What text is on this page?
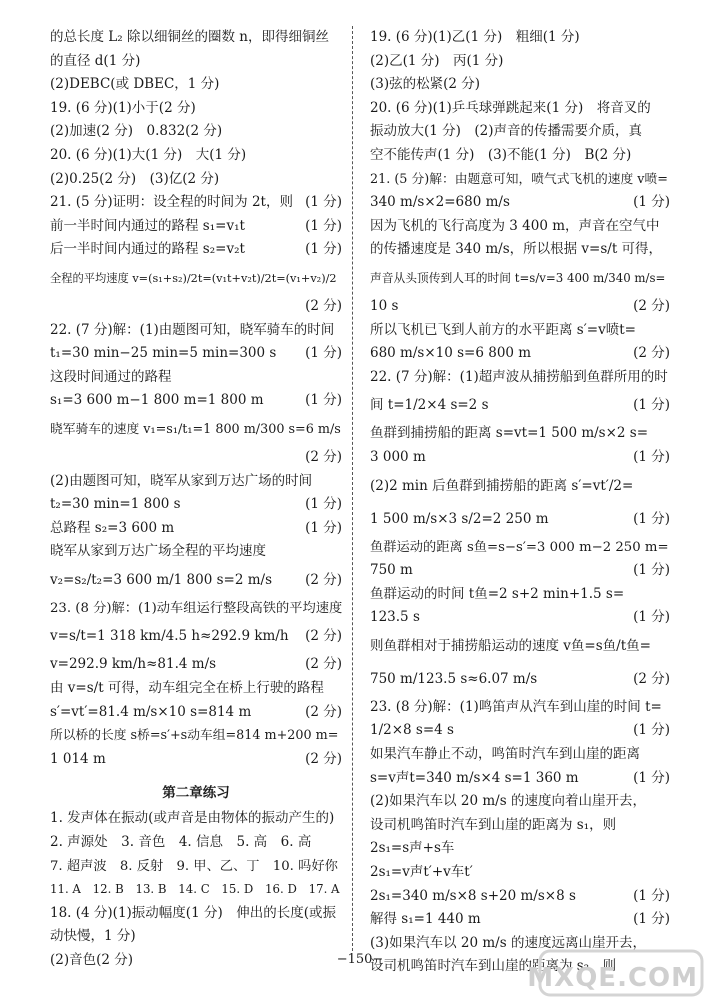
的总长度 L₂ 除以细铜丝的圈数 n，即得细铜丝
的直径 d(1 分)
(2)DEBC(或 DBEC，1 分)
19. (6 分)(1)小于(2 分)
(2)加速(2 分)　0.832(2 分)
20. (6 分)(1)大(1 分)　大(1 分)
(2)0.25(2 分)　(3)亿(2 分)
21. (5 分)证明：设全程的时间为 2t，则 (1 分)
前一半时间内通过的路程 s₁=v₁t	(1 分)
后一半时间内通过的路程 s₂=v₂t	(1 分)
全程的平均速度 v=(s₁+s₂)/2t=(v₁t+v₂t)/2t=(v₁+v₂)/2
(2 分)
22. (7 分)解：(1)由题图可知，晓军骑车的时间
t₁=30 min−25 min=5 min=300 s (1 分)
这段时间通过的路程
s₁=3 600 m−1 800 m=1 800 m	(1 分)
晓军骑车的速度 v₁=s₁/t₁=1 800 m/300 s=6 m/s
(2 分)
(2)由题图可知，晓军从家到万达广场的时间
t₂=30 min=1 800 s	(1 分)
总路程 s₂=3 600 m	(1 分)
晓军从家到万达广场全程的平均速度
v₂=s₂/t₂=3 600 m/1 800 s=2 m/s (2 分)
23. (8 分)解：(1)动车组运行整段高铁的平均速度
v=s/t=1 318 km/4.5 h≈292.9 km/h (2 分)
v=292.9 km/h≈81.4 m/s	(2 分)
由 v=s/t 可得，动车组完全在桥上行驶的路程
s′=vt′=81.4 m/s×10 s=814 m	(2 分)
所以桥的长度 s桥=s′+s动车组=814 m+200 m=
1 014 m	(2 分)
第二章练习
1. 发声体在振动(或声音是由物体的振动产生的)
2. 声源处　3. 音色　4. 信息　5. 高　6. 高
7. 超声波　8. 反射　9. 甲、乙、丁　10. 吗好你
11. A　12. B　13. B　14. C　15. D　16. D　17. A
18. (4 分)(1)振动幅度(1 分)　伸出的长度(或振
动快慢，1 分)
(2)音色(2 分)
19. (6 分)(1)乙(1 分)　粗细(1 分)
(2)乙(1 分)　丙(1 分)
(3)弦的松紧(2 分)
20. (6 分)(1)乒乓球弹跳起来(1 分)　将音叉的
振动放大(1 分)　(2)声音的传播需要介质，真
空不能传声(1 分)　(3)不能(1 分)　B(2 分)
21. (5 分)解：由题意可知，喷气式飞机的速度 v喷=
340 m/s×2=680 m/s	(1 分)
因为飞机的飞行高度为 3 400 m，声音在空气中
的传播速度是 340 m/s，所以根据 v=s/t 可得，
声音从头顶传到人耳的时间 t=s/v=3 400 m/340 m/s=
10 s	(2 分)
所以飞机已飞到人前方的水平距离 s′=v喷t=
680 m/s×10 s=6 800 m	(2 分)
22. (7 分)解：(1)超声波从捕捞船到鱼群所用的时
间 t=1/2×4 s=2 s	(1 分)
鱼群到捕捞船的距离 s=vt=1 500 m/s×2 s=
3 000 m	(1 分)
(2)2 min 后鱼群到捕捞船的距离 s′=vt′/2=
1 500 m/s×3 s/2=2 250 m	(1 分)
鱼群运动的距离 s鱼=s−s′=3 000 m−2 250 m=
750 m	(1 分)
鱼群运动的时间 t鱼=2 s+2 min+1.5 s=
123.5 s	(1 分)
则鱼群相对于捕捞船运动的速度 v鱼=s鱼/t鱼=
750 m/123.5 s≈6.07 m/s	(2 分)
23. (8 分)解：(1)鸣笛声从汽车到山崖的时间 t=
1/2×8 s=4 s	(1 分)
如果汽车静止不动，鸣笛时汽车到山崖的距离
s=v声t=340 m/s×4 s=1 360 m	(1 分)
(2)如果汽车以 20 m/s 的速度向着山崖开去，
设司机鸣笛时汽车到山崖的距离为 s₁，则
2s₁=s声+s车
2s₁=v声t′+v车t′
2s₁=340 m/s×8 s+20 m/s×8 s	(1 分)
解得 s₁=1 440 m	(1 分)
(3)如果汽车以 20 m/s 的速度远离山崖开去，
设司机鸣笛时汽车到山崖的距离为 s₂，则
−150−
MXQE.COM
